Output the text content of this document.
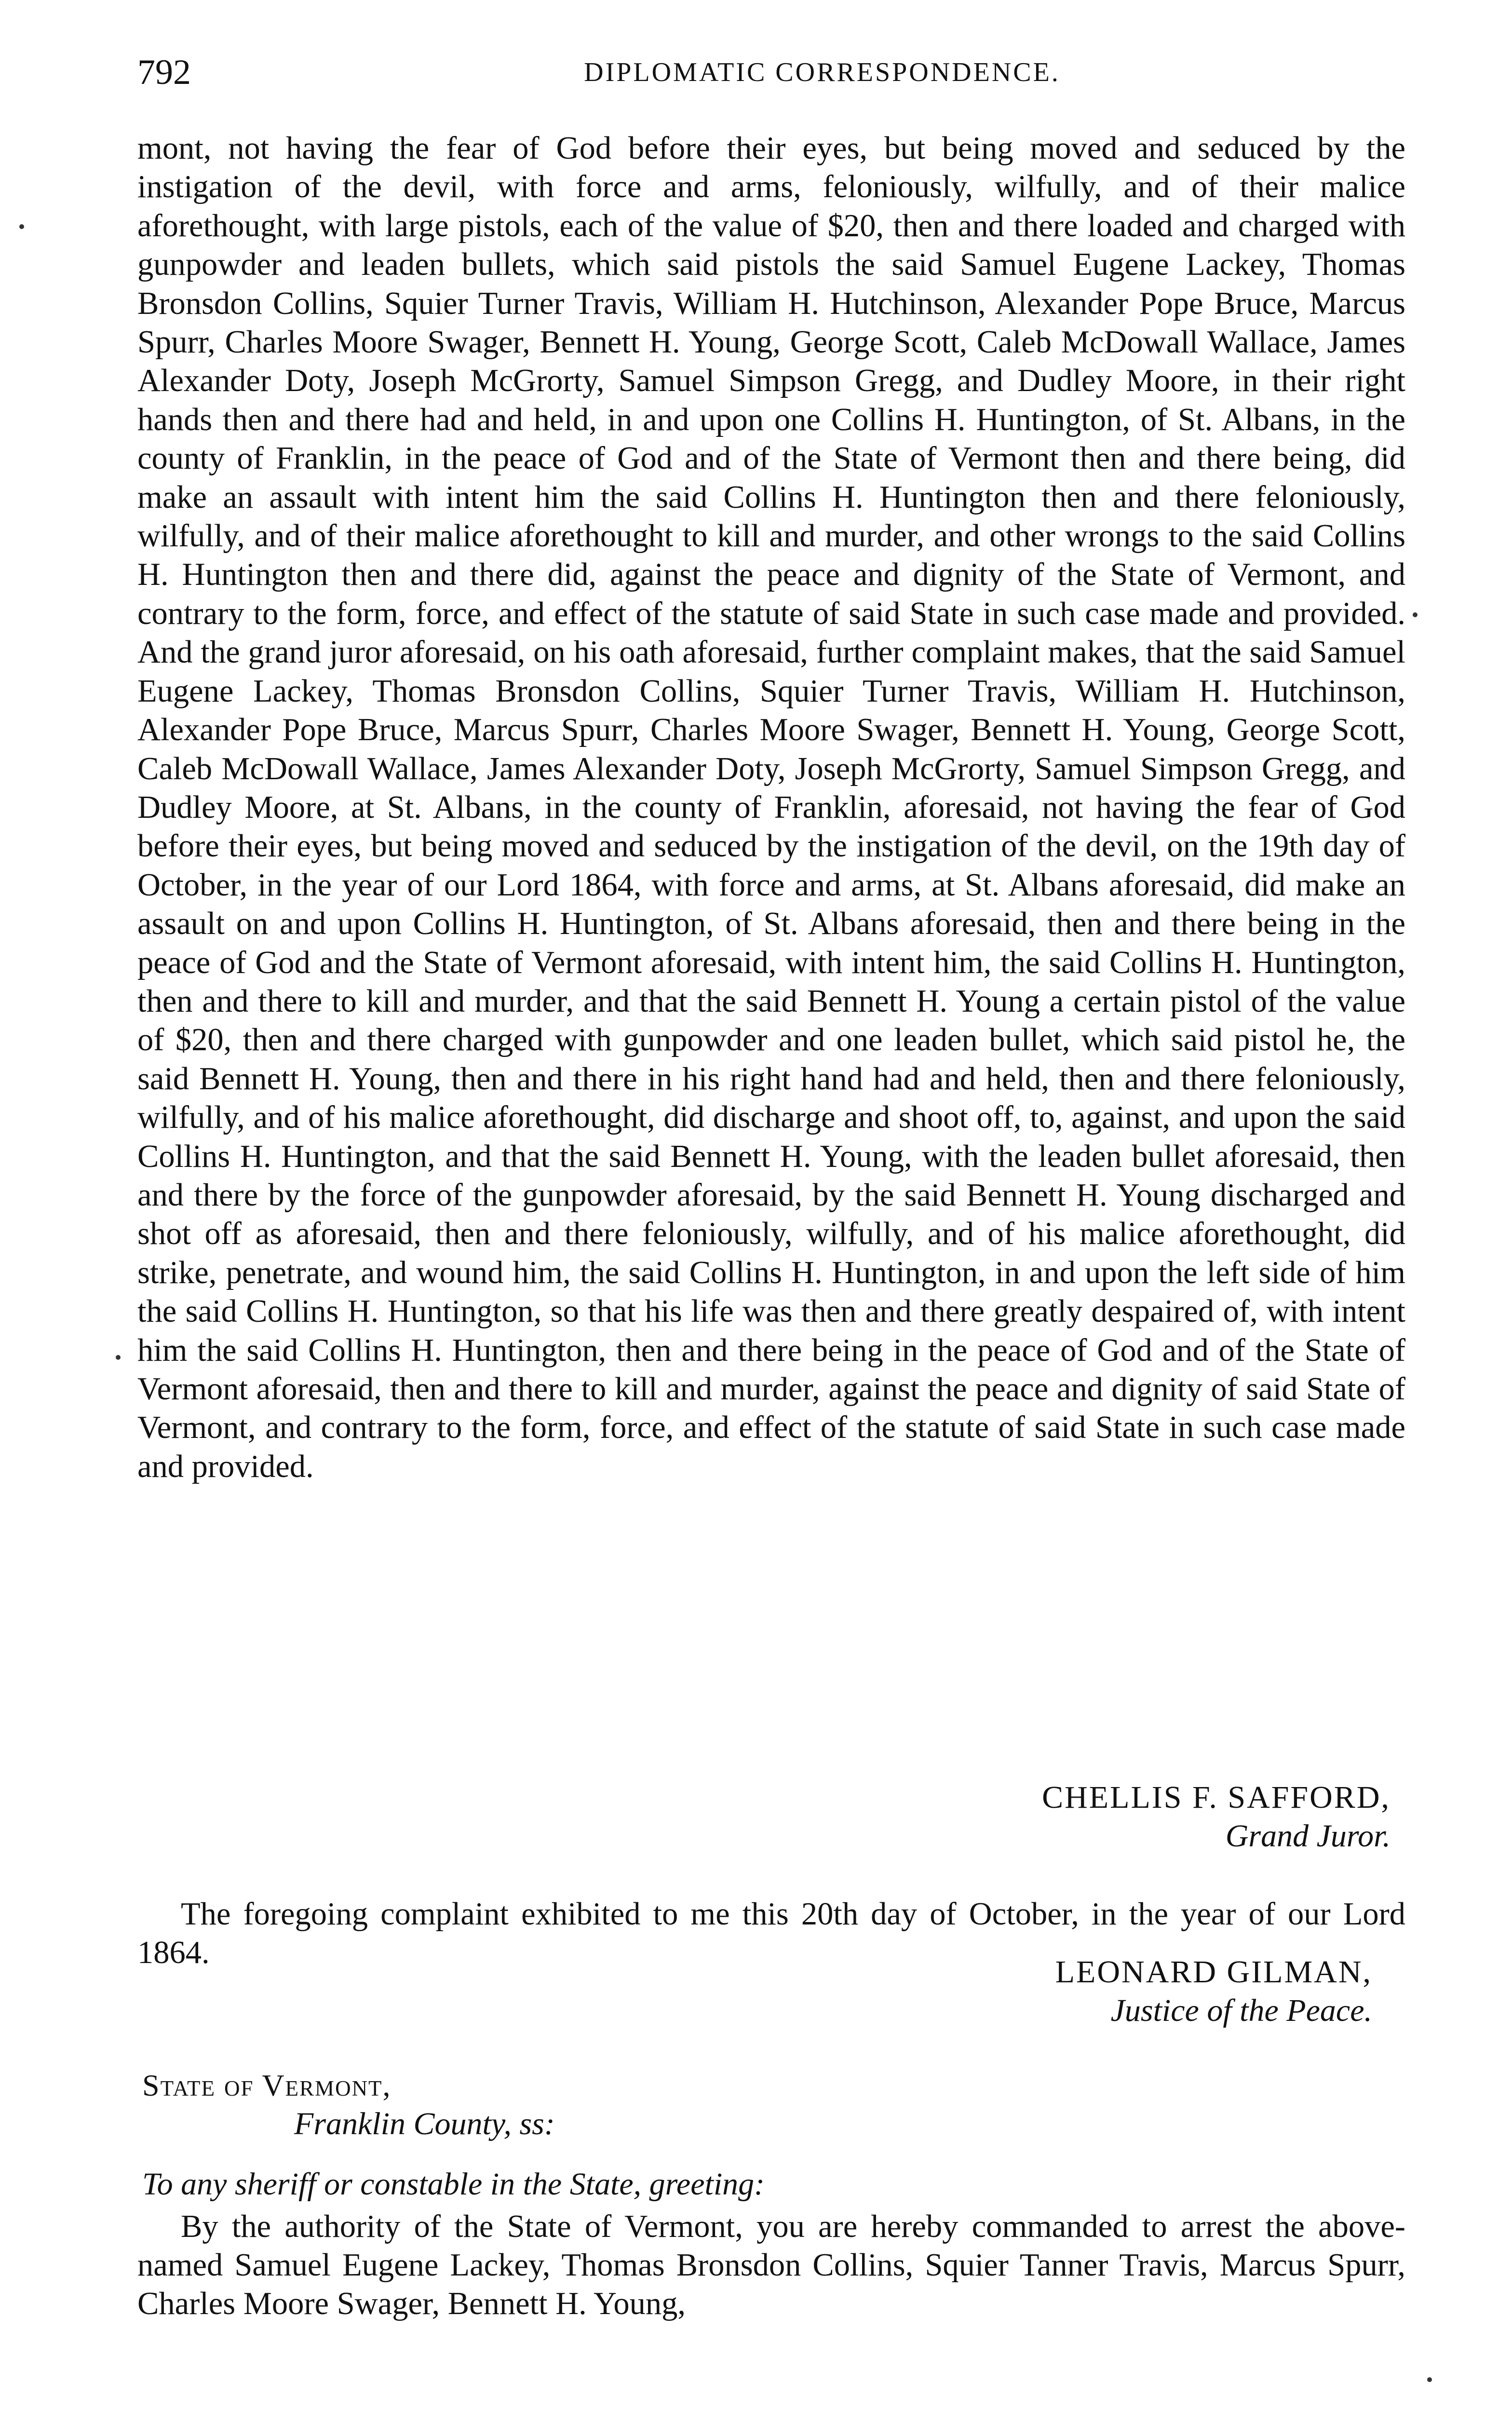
792	DIPLOMATIC CORRESPONDENCE.

mont, not having the fear of God before their eyes, but being moved and seduced by the instigation of the devil, with force and arms, feloniously, wilfully, and of their malice aforethought, with large pistols, each of the value of $20, then and there loaded and charged with gunpowder and leaden bullets, which said pistols the said Samuel Eugene Lackey, Thomas Bronsdon Collins, Squier Turner Travis, William H. Hutchinson, Alexander Pope Bruce, Marcus Spurr, Charles Moore Swager, Bennett H. Young, George Scott, Caleb McDowall Wallace, James Alexander Doty, Joseph McGrorty, Samuel Simpson Gregg, and Dudley Moore, in their right hands then and there had and held, in and upon one Collins H. Huntington, of St. Albans, in the county of Franklin, in the peace of God and of the State of Vermont then and there being, did make an assault with intent him the said Collins H. Huntington then and there feloniously, wilfully, and of their malice aforethought to kill and murder, and other wrongs to the said Collins H. Huntington then and there did, against the peace and dignity of the State of Vermont, and contrary to the form, force, and effect of the statute of said State in such case made and provided. And the grand juror aforesaid, on his oath aforesaid, further complaint makes, that the said Samuel Eugene Lackey, Thomas Bronsdon Collins, Squier Turner Travis, William H. Hutchinson, Alexander Pope Bruce, Marcus Spurr, Charles Moore Swager, Bennett H. Young, George Scott, Caleb McDowall Wallace, James Alexander Doty, Joseph McGrorty, Samuel Simpson Gregg, and Dudley Moore, at St. Albans, in the county of Franklin, aforesaid, not having the fear of God before their eyes, but being moved and seduced by the instigation of the devil, on the 19th day of October, in the year of our Lord 1864, with force and arms, at St. Albans aforesaid, did make an assault on and upon Collins H. Huntington, of St. Albans aforesaid, then and there being in the peace of God and the State of Vermont aforesaid, with intent him, the said Collins H. Huntington, then and there to kill and murder, and that the said Bennett H. Young a certain pistol of the value of $20, then and there charged with gunpowder and one leaden bullet, which said pistol he, the said Bennett H. Young, then and there in his right hand had and held, then and there feloniously, wilfully, and of his malice aforethought, did discharge and shoot off, to, against, and upon the said Collins H. Huntington, and that the said Bennett H. Young, with the leaden bullet aforesaid, then and there by the force of the gunpowder aforesaid, by the said Bennett H. Young discharged and shot off as aforesaid, then and there feloniously, wilfully, and of his malice aforethought, did strike, penetrate, and wound him, the said Collins H. Huntington, in and upon the left side of him the said Collins H. Huntington, so that his life was then and there greatly despaired of, with intent him the said Collins H. Huntington, then and there being in the peace of God and of the State of Vermont aforesaid, then and there to kill and murder, against the peace and dignity of said State of Vermont, and contrary to the form, force, and effect of the statute of said State in such case made and provided.

CHELLIS F. SAFFORD,
Grand Juror.

The foregoing complaint exhibited to me this 20th day of October, in the year of our Lord 1864.

LEONARD GILMAN,
Justice of the Peace.
State of Vermont,
Franklin County, ss:
To any sheriff or constable in the State, greeting:

By the authority of the State of Vermont, you are hereby commanded to arrest the above-named Samuel Eugene Lackey, Thomas Bronsdon Collins, Squier Tanner Travis, Marcus Spurr, Charles Moore Swager, Bennett H. Young,
